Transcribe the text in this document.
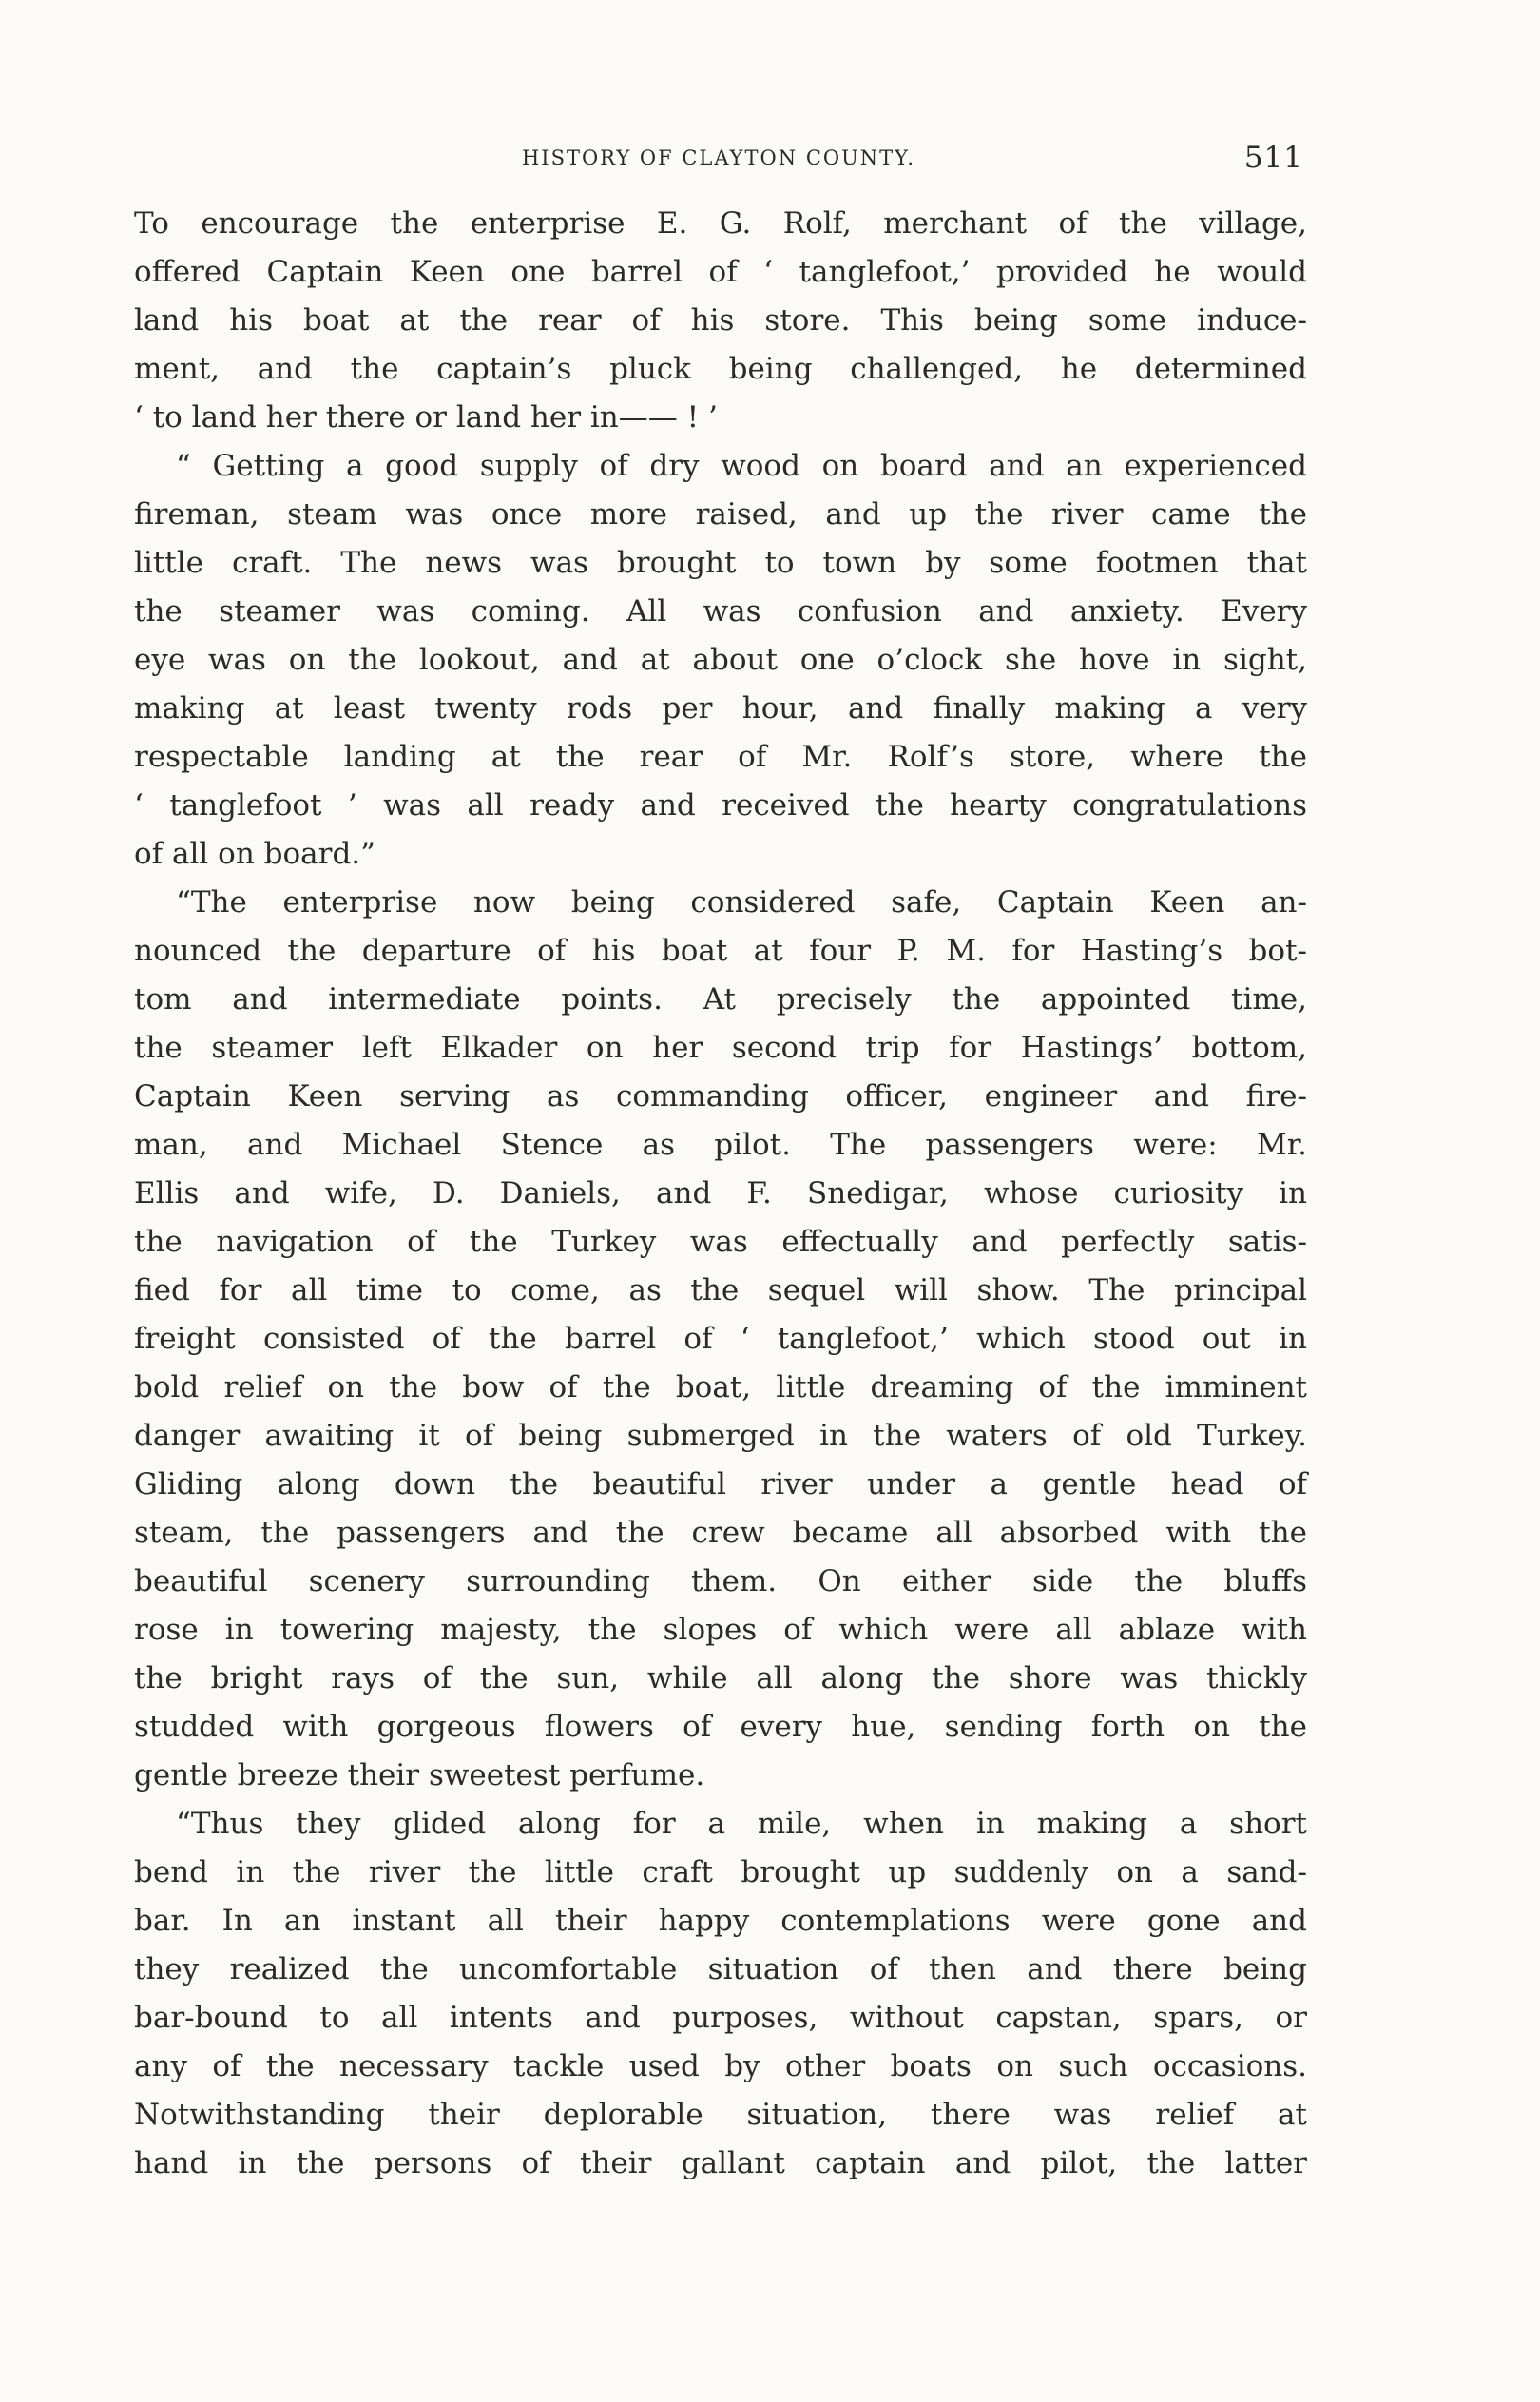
HISTORY OF CLAYTON COUNTY.	511

To encourage the enterprise E. G. Rolf, merchant of the village,

offered Captain Keen one barrel of ‘ tanglefoot,’ provided he would

land his boat at the rear of his store. This being some induce-

ment, and the captain’s pluck being challenged, he determined

‘ to land her there or land her in—— ! ’

“ Getting a good supply of dry wood on board and an experienced

fireman, steam was once more raised, and up the river came the

little craft. The news was brought to town by some footmen that

the steamer was coming. All was confusion and anxiety. Every

eye was on the lookout, and at about one o’clock she hove in sight,

making at least twenty rods per hour, and finally making a very

respectable landing at the rear of Mr. Rolf’s store, where the

‘ tanglefoot ’ was all ready and received the hearty congratulations

of all on board.”

“The enterprise now being considered safe, Captain Keen an-

nounced the departure of his boat at four P. M. for Hasting’s bot-

tom and intermediate points. At precisely the appointed time,

the steamer left Elkader on her second trip for Hastings’ bottom,

Captain Keen serving as commanding officer, engineer and fire-

man, and Michael Stence as pilot. The passengers were: Mr.

Ellis and wife, D. Daniels, and F. Snedigar, whose curiosity in

the navigation of the Turkey was effectually and perfectly satis-

fied for all time to come, as the sequel will show. The principal

freight consisted of the barrel of ‘ tanglefoot,’ which stood out in

bold relief on the bow of the boat, little dreaming of the imminent

danger awaiting it of being submerged in the waters of old Turkey.

Gliding along down the beautiful river under a gentle head of

steam, the passengers and the crew became all absorbed with the

beautiful scenery surrounding them. On either side the bluffs

rose in towering majesty, the slopes of which were all ablaze with

the bright rays of the sun, while all along the shore was thickly

studded with gorgeous flowers of every hue, sending forth on the

gentle breeze their sweetest perfume.

“Thus they glided along for a mile, when in making a short

bend in the river the little craft brought up suddenly on a sand-

bar. In an instant all their happy contemplations were gone and

they realized the uncomfortable situation of then and there being

bar-bound to all intents and purposes, without capstan, spars, or

any of the necessary tackle used by other boats on such occasions.

Notwithstanding their deplorable situation, there was relief at

hand in the persons of their gallant captain and pilot, the latter
